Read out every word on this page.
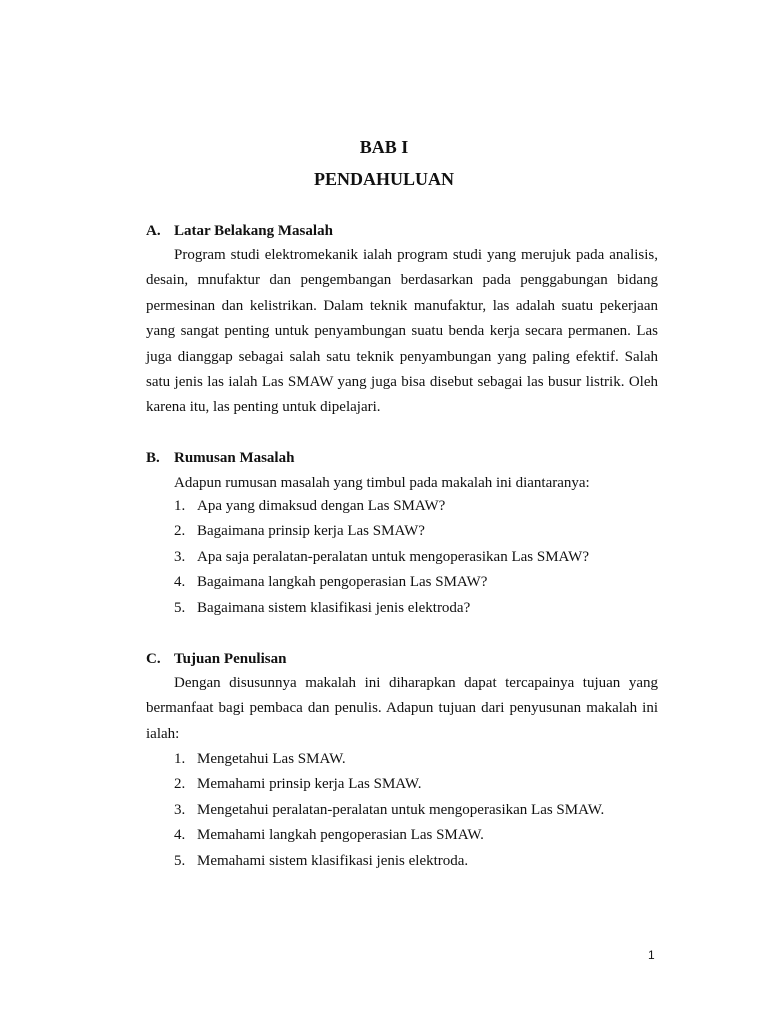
BAB I
PENDAHULUAN
A. Latar Belakang Masalah

Program studi elektromekanik ialah program studi yang merujuk pada analisis, desain, mnufaktur dan pengembangan berdasarkan pada penggabungan bidang permesinan dan kelistrikan. Dalam teknik manufaktur, las adalah suatu pekerjaan yang sangat penting untuk penyambungan suatu benda kerja secara permanen. Las juga dianggap sebagai salah satu teknik penyambungan yang paling efektif. Salah satu jenis las ialah Las SMAW yang juga bisa disebut sebagai las busur listrik. Oleh karena itu, las penting untuk dipelajari.

B. Rumusan Masalah
Adapun rumusan masalah yang timbul pada makalah ini diantaranya:
1. Apa yang dimaksud dengan Las SMAW?
2. Bagaimana prinsip kerja Las SMAW?
3. Apa saja peralatan-peralatan untuk mengoperasikan Las SMAW?
4. Bagaimana langkah pengoperasian Las SMAW?
5. Bagaimana sistem klasifikasi jenis elektroda?
C. Tujuan Penulisan

Dengan disusunnya makalah ini diharapkan dapat tercapainya tujuan yang bermanfaat bagi pembaca dan penulis. Adapun tujuan dari penyusunan makalah ini ialah:

1. Mengetahui Las SMAW.
2. Memahami prinsip kerja Las SMAW.
3. Mengetahui peralatan-peralatan untuk mengoperasikan Las SMAW.
4. Memahami langkah pengoperasian Las SMAW.
5. Memahami sistem klasifikasi jenis elektroda.
1
